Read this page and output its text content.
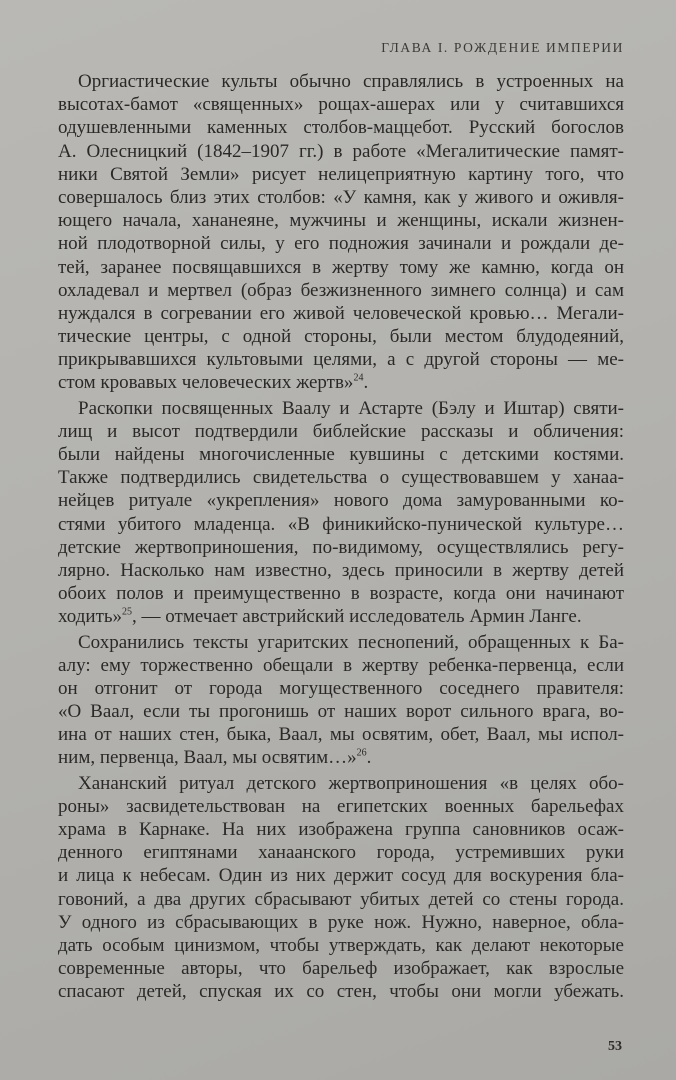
ГЛАВА I. РОЖДЕНИЕ ИМПЕРИИ

Оргиастические культы обычно справлялись в устроенных на
высотах-бамот «священных» рощах-ашерах или у считавшихся
одушевленными каменных столбов-маццебот. Русский богослов
А. Олесницкий (1842–1907 гг.) в работе «Мегалитические памят-
ники Святой Земли» рисует нелицеприятную картину того, что
совершалось близ этих столбов: «У камня, как у живого и оживля-
ющего начала, хананеяне, мужчины и женщины, искали жизнен-
ной плодотворной силы, у его подножия зачинали и рождали де-
тей, заранее посвящавшихся в жертву тому же камню, когда он
охладевал и мертвел (образ безжизненного зимнего солнца) и сам
нуждался в согревании его живой человеческой кровью… Мегали-
тические центры, с одной стороны, были местом блудодеяний,
прикрывавшихся культовыми целями, а с другой стороны — ме-
стом кровавых человеческих жертв»$^{24}$.

Раскопки посвященных Ваалу и Астарте (Бэлу и Иштар) святи-
лищ и высот подтвердили библейские рассказы и обличения:
были найдены многочисленные кувшины с детскими костями.
Также подтвердились свидетельства о существовавшем у ханаа-
нейцев ритуале «укрепления» нового дома замурованными ко-
стями убитого младенца. «В финикийско-пунической культуре…
детские жертвоприношения, по-видимому, осуществлялись регу-
лярно. Насколько нам известно, здесь приносили в жертву детей
обоих полов и преимущественно в возрасте, когда они начинают
ходить»$^{25}$, — отмечает австрийский исследователь Армин Ланге.

Сохранились тексты угаритских песнопений, обращенных к Ба-
алу: ему торжественно обещали в жертву ребенка-первенца, если
он отгонит от города могущественного соседнего правителя:
«О Ваал, если ты прогонишь от наших ворот сильного врага, во-
ина от наших стен, быка, Ваал, мы освятим, обет, Ваал, мы испол-
ним, первенца, Ваал, мы освятим…»$^{26}$.

Хананский ритуал детского жертвоприношения «в целях обо-
роны» засвидетельствован на египетских военных барельефах
храма в Карнаке. На них изображена группа сановников осаж-
денного египтянами ханаанского города, устремивших руки
и лица к небесам. Один из них держит сосуд для воскурения бла-
говоний, а два других сбрасывают убитых детей со стены города.
У одного из сбрасывающих в руке нож. Нужно, наверное, обла-
дать особым цинизмом, чтобы утверждать, как делают некоторые
современные авторы, что барельеф изображает, как взрослые
спасают детей, спуская их со стен, чтобы они могли убежать.

53
